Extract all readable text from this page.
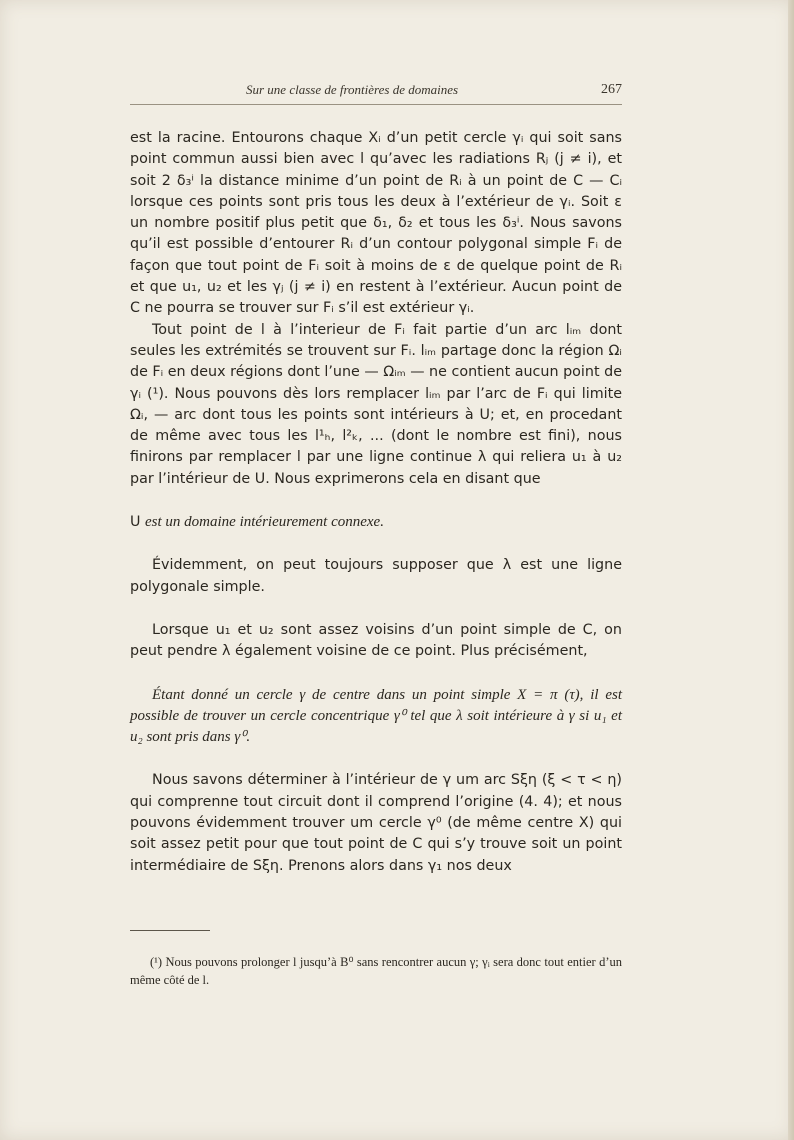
Sur une classe de frontières de domaines	267

est la racine. Entourons chaque Xᵢ d’un petit cercle γᵢ qui soit sans point commun aussi bien avec l qu’avec les radiations Rⱼ (j ≠ i), et soit 2 δ₃ⁱ la distance minime d’un point de Rᵢ à un point de C — Cᵢ lorsque ces points sont pris tous les deux à l’extérieur de γᵢ. Soit ε un nombre positif plus petit que δ₁, δ₂ et tous les δ₃ⁱ. Nous savons qu’il est possible d’entourer Rᵢ d’un contour polygonal simple Fᵢ de façon que tout point de Fᵢ soit à moins de ε de quelque point de Rᵢ et que u₁, u₂ et les γⱼ (j ≠ i) en restent à l’extérieur. Aucun point de C ne pourra se trouver sur Fᵢ s’il est extérieur γᵢ.

Tout point de l à l’interieur de Fᵢ fait partie d’un arc lᵢₘ dont seules les extrémités se trouvent sur Fᵢ. lᵢₘ partage donc la région Ωᵢ de Fᵢ en deux régions dont l’une — Ωᵢₘ — ne contient aucun point de γᵢ (¹). Nous pouvons dès lors remplacer lᵢₘ par l’arc de Fᵢ qui limite Ωᵢ, — arc dont tous les points sont intérieurs à U; et, en procedant de même avec tous les l¹ₕ, l²ₖ, ... (dont le nombre est fini), nous finirons par remplacer l par une ligne continue λ qui reliera u₁ à u₂ par l’intérieur de U. Nous exprimerons cela en disant que

U est un domaine intérieurement connexe.

Évidemment, on peut toujours supposer que λ est une ligne polygonale simple.

Lorsque u₁ et u₂ sont assez voisins d’un point simple de C, on peut pendre λ également voisine de ce point. Plus précisément,

Étant donné un cercle γ de centre dans un point simple X = π (τ), il est possible de trouver un cercle concentrique γ⁰ tel que λ soit intérieure à γ si u₁ et u₂ sont pris dans γ⁰.

Nous savons déterminer à l’intérieur de γ um arc Sξη (ξ < τ < η) qui comprenne tout circuit dont il comprend l’origine (4. 4); et nous pouvons évidemment trouver um cercle γ⁰ (de même centre X) qui soit assez petit pour que tout point de C qui s’y trouve soit un point intermédiaire de Sξη. Prenons alors dans γ₁ nos deux

(¹) Nous pouvons prolonger l jusqu’à B⁰ sans rencontrer aucun γ; γᵢ sera donc tout entier d’un même côté de l.
